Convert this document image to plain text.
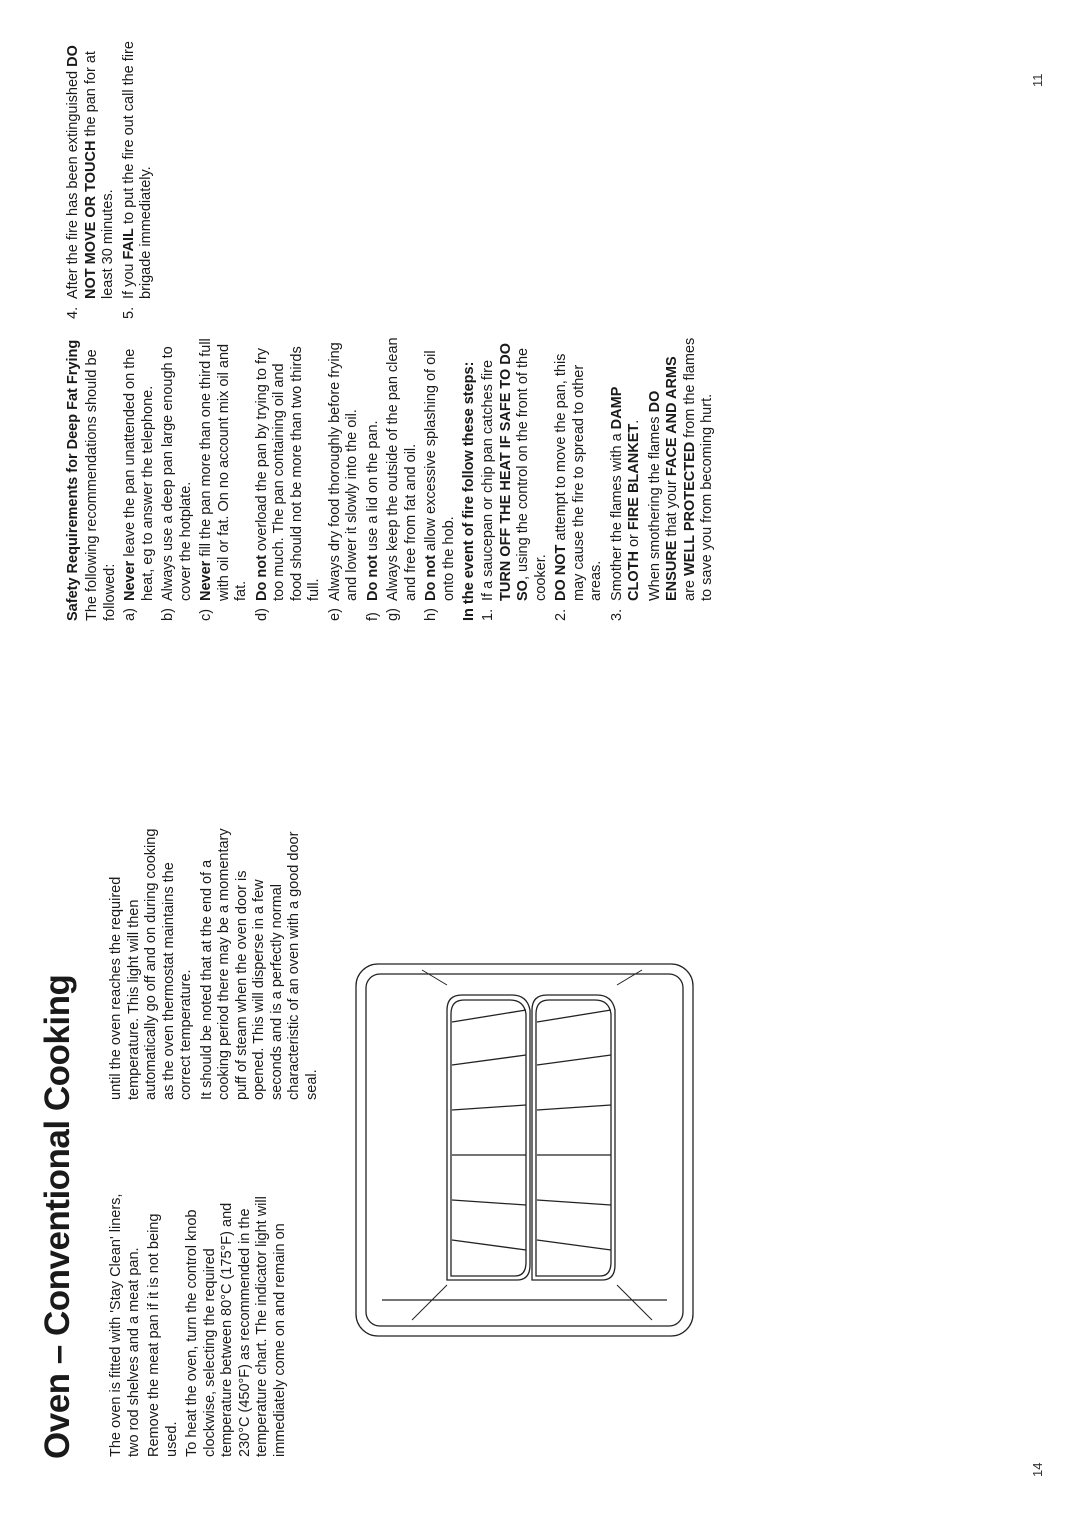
14
11
Oven – Conventional Cooking The oven is fitted with 'Stay Clean' liners, two rod shelves and a meat pan. Remove the meat pan if it is not being used. To heat the oven, turn the control knob clockwise, selecting the required temperature between 80°C (175°F) and 230°C (450°F) as recommended in the temperature chart. The indicator light will immediately come on and remain on

until the oven reaches the required temperature. This light will then automatically go off and on during cooking as the oven thermostat maintains the correct temperature. It should be noted that at the end of a cooking period there may be a momentary puff of steam when the oven door is opened. This will disperse in a few seconds and is a perfectly normal characteristic of an oven with a good door seal.

Safety Requirements for Deep Fat Frying The following recommendations should be followed: a)
Never leave the pan unattended on the heat, eg to answer the telephone.
b)
Always use a deep pan large enough to cover the hotplate.
c)
Never fill the pan more than one third full with oil or fat. On no account mix oil and fat.
d)
Do not overload the pan by trying to fry too much. The pan containing oil and food should not be more than two thirds full.
e)
Always dry food thoroughly before frying and lower it slowly into the oil.
f)
Do not use a lid on the pan.
g)
Always keep the outside of the pan clean and free from fat and oil.
h)
Do not allow excessive splashing of oil onto the hob. In the event of fire follow these steps: 1.
If a saucepan or chip pan catches fire TURN OFF THE HEAT IF SAFE TO DO SO, using the control on the front of the cooker.
2.
DO NOT attempt to move the pan, this may cause the fire to spread to other areas.
3.
Smother the flames with a DAMP CLOTH or FIRE BLANKET. When smothering the flames DO ENSURE that your FACE AND ARMS are WELL PROTECTED from the flames to save you from becoming hurt.
4.
After the fire has been extinguished DO NOT MOVE OR TOUCH the pan for at least 30 minutes.
5.
If you FAIL to put the fire out call the fire brigade immediately.
